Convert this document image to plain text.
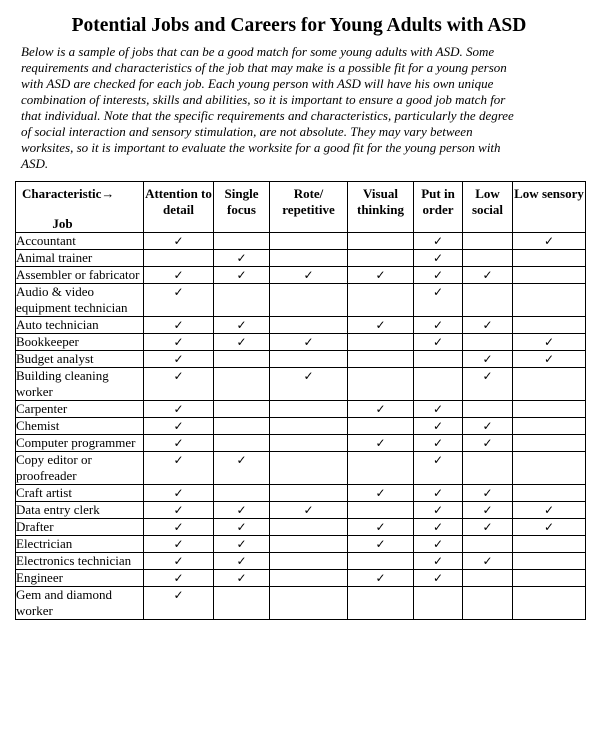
Potential Jobs and Careers for Young Adults with ASD
Below is a sample of jobs that can be a good match for some young adults with ASD. Some
requirements and characteristics of the job that may make is a possible fit for a young person
with ASD are checked for each job. Each young person with ASD will have his own unique
combination of interests, skills and abilities, so it is important to ensure a good job match for
that individual. Note that the specific requirements and characteristics, particularly the degree
of social interaction and sensory stimulation, are not absolute. They may vary between
worksites, so it is important to evaluate the worksite for a good fit for the young person with
ASD.
Characteristic→
Job	Attention to detail	Single focus	Rote/ repetitive	Visual thinking	Put in order	Low social	Low sensory
Accountant	✓				✓		✓
Animal trainer		✓			✓		
Assembler or fabricator	✓	✓	✓	✓	✓	✓	
Audio & video equipment technician	✓				✓		
Auto technician	✓	✓		✓	✓	✓	
Bookkeeper	✓	✓	✓		✓		✓
Budget analyst	✓					✓	✓
Building cleaning worker	✓		✓			✓	
Carpenter	✓			✓	✓		
Chemist	✓				✓	✓	
Computer programmer	✓			✓	✓	✓	
Copy editor or proofreader	✓	✓			✓		
Craft artist	✓			✓	✓	✓	
Data entry clerk	✓	✓	✓		✓	✓	✓
Drafter	✓	✓		✓	✓	✓	✓
Electrician	✓	✓		✓	✓		
Electronics technician	✓	✓			✓	✓	
Engineer	✓	✓		✓	✓		
Gem and diamond worker	✓						
